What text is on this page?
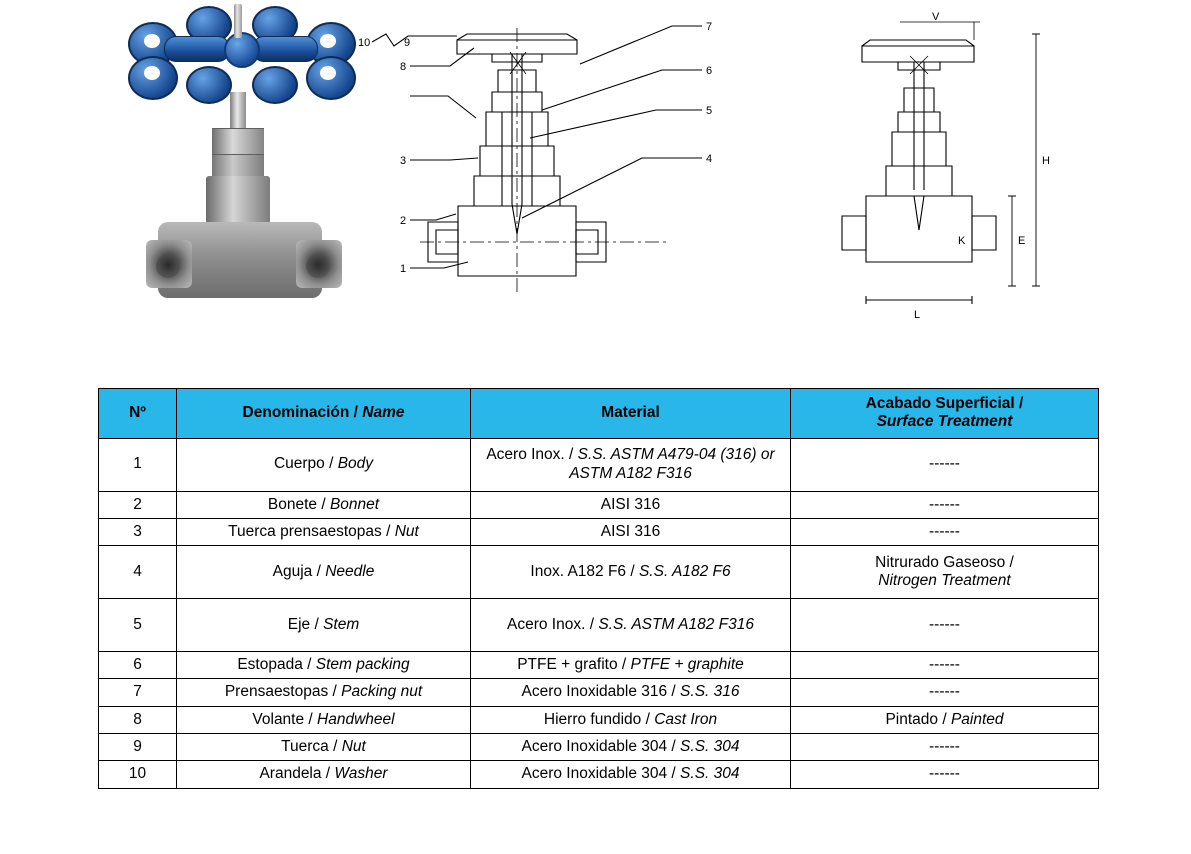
10	9
8
3
2
1
7
6
5
4
V
H
E
K
L
Nº	Denominación / Name	Material	Acabado Superficial /
Surface Treatment
1	Cuerpo / Body	Acero Inox. / S.S. ASTM A479-04 (316) or ASTM A182 F316	------
2	Bonete / Bonnet	AISI 316	------
3	Tuerca prensaestopas / Nut	AISI 316	------
4	Aguja / Needle	Inox. A182 F6 / S.S. A182 F6	Nitrurado Gaseoso /
Nitrogen Treatment
5	Eje / Stem	Acero Inox. / S.S. ASTM A182 F316	------
6	Estopada / Stem packing	PTFE + grafito / PTFE + graphite	------
7	Prensaestopas / Packing nut	Acero Inoxidable 316 / S.S. 316	------
8	Volante / Handwheel	Hierro fundido / Cast Iron	Pintado / Painted
9	Tuerca / Nut	Acero Inoxidable 304 / S.S. 304	------
10	Arandela / Washer	Acero Inoxidable 304 / S.S. 304	------
